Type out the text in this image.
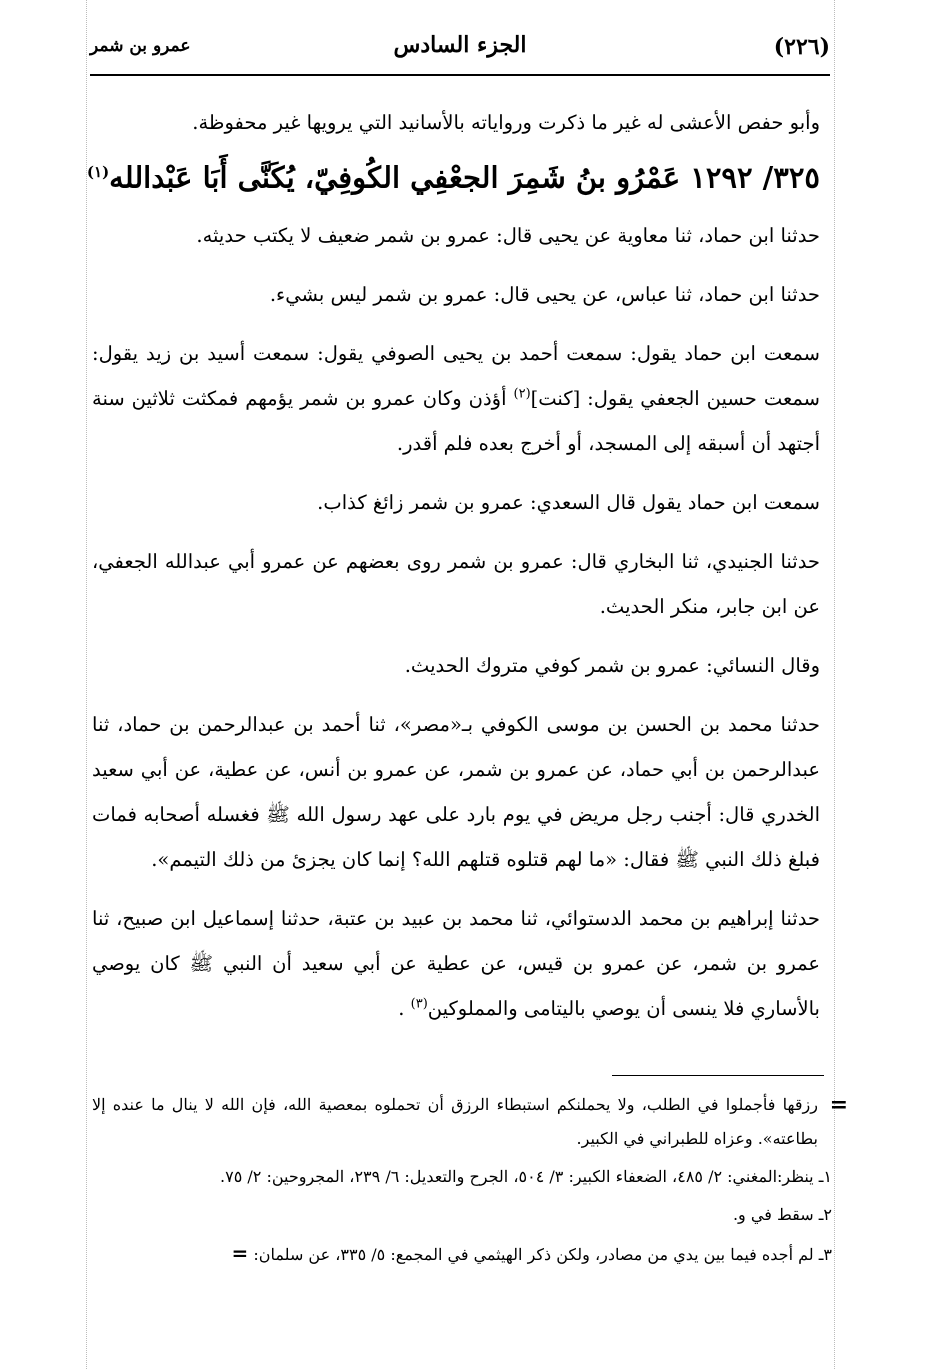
(٢٢٦)
الجزء السادس
عمرو بن شمر

وأبو حفص الأعشى له غير ما ذكرت ورواياته بالأسانيد التي يرويها غير محفوظة.

٣٢٥/ ١٢٩٢ عَمْرُو بنُ شَمِرَ الجعْفِي الكُوفِيّ، يُكَنَّى أَبَا عَبْدالله$^{(١)}$

حدثنا ابن حماد، ثنا معاوية عن يحيى قال: عمرو بن شمر ضعيف لا يكتب حديثه.

حدثنا ابن حماد، ثنا عباس، عن يحيى قال: عمرو بن شمر ليس بشيء.

سمعت ابن حماد يقول: سمعت أحمد بن يحيى الصوفي يقول: سمعت أسيد بن زيد يقول: سمعت حسين الجعفي يقول: [كنت]$^{(٢)}$ أؤذن وكان عمرو بن شمر يؤمهم فمكثت ثلاثين سنة أجتهد أن أسبقه إلى المسجد، أو أخرج بعده فلم أقدر.

سمعت ابن حماد يقول قال السعدي: عمرو بن شمر زائغ كذاب.

حدثنا الجنيدي، ثنا البخاري قال: عمرو بن شمر روى بعضهم عن عمرو أبي عبدالله الجعفي، عن ابن جابر، منكر الحديث.

وقال النسائي: عمرو بن شمر كوفي متروك الحديث.

حدثنا محمد بن الحسن بن موسى الكوفي بـ«مصر»، ثنا أحمد بن عبدالرحمن بن حماد، ثنا عبدالرحمن بن أبي حماد، عن عمرو بن شمر، عن عمرو بن أنس، عن عطية، عن أبي سعيد الخدري قال: أجنب رجل مريض في يوم بارد على عهد رسول الله ﷺ فغسله أصحابه فمات فبلغ ذلك النبي ﷺ فقال: «ما لهم قتلوه قتلهم الله؟ إنما كان يجزئ من ذلك التيمم».

حدثنا إبراهيم بن محمد الدستوائي، ثنا محمد بن عبيد بن عتبة، حدثنا إسماعيل ابن صبيح، ثنا عمرو بن شمر، عن عمرو بن قيس، عن عطية عن أبي سعيد أن النبي ﷺ كان يوصي بالأساري فلا ينسى أن يوصي باليتامى والمملوكين$^{(٣)}$ .

=
رزقها فأجملوا في الطلب، ولا يحملنكم استبطاء الرزق أن تحملوه بمعصية الله، فإن الله لا ينال ما عنده إلا بطاعته». وعزاه للطبراني في الكبير.

١ـ ينظر:المغني: ٢/ ٤٨٥، الضعفاء الكبير: ٣/ ٥٠٤، الجرح والتعديل: ٦/ ٢٣٩، المجروحين: ٢/ ٧٥.

٢ـ سقط في و.

٣ـ لم أجده فيما بين يدي من مصادر، ولكن ذكر الهيثمي في المجمع: ٥/ ٣٣٥، عن سلمان: =
